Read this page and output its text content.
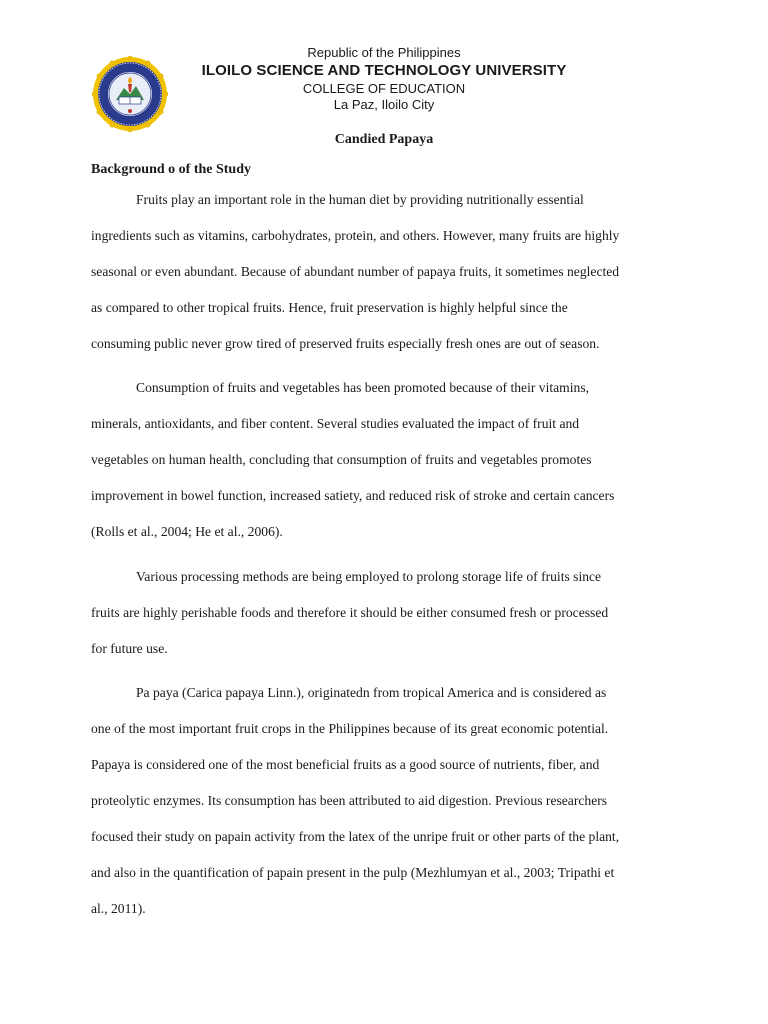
Republic of the Philippines
ILOILO SCIENCE AND TECHNOLOGY UNIVERSITY
COLLEGE OF EDUCATION
La Paz, Iloilo City
Candied Papaya
Background o of the Study
Fruits play an important role in the human diet by providing nutritionally essential
ingredients such as vitamins, carbohydrates, protein, and others. However, many fruits are highly
seasonal or even abundant. Because of abundant number of papaya fruits, it sometimes neglected
as compared to other tropical fruits. Hence, fruit preservation is highly helpful since the
consuming public never grow tired of preserved fruits especially fresh ones are out of season.
Consumption of fruits and vegetables has been promoted because of their vitamins,
minerals, antioxidants, and fiber content. Several studies evaluated the impact of fruit and
vegetables on human health, concluding that consumption of fruits and vegetables promotes
improvement in bowel function, increased satiety, and reduced risk of stroke and certain cancers
(Rolls et al., 2004; He et al., 2006).
Various processing methods are being employed to prolong storage life of fruits since
fruits are highly perishable foods and therefore it should be either consumed fresh or processed
for future use.
Pa paya (Carica papaya Linn.), originatedn from tropical America and is considered as
one of the most important fruit crops in the Philippines because of its great economic potential.
Papaya is considered one of the most beneficial fruits as a good source of nutrients, fiber, and
proteolytic enzymes. Its consumption has been attributed to aid digestion. Previous researchers
focused their study on papain activity from the latex of the unripe fruit or other parts of the plant,
and also in the quantification of papain present in the pulp (Mezhlumyan et al., 2003; Tripathi et
al., 2011).
